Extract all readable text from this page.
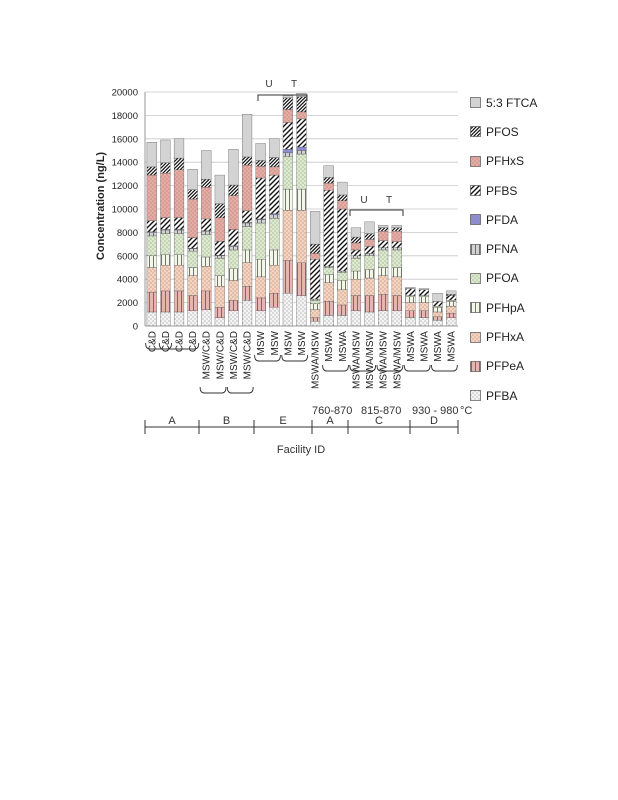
Concentration (ng/L)
0
2000
4000
6000
8000
10000
12000
14000
16000
18000
20000
C&D C&D C&D C&D MSW/C&D MSW/C&D MSW/C&D MSW/C&D MSW MSW MSW MSW MSWA/MSW MSWA MSWA MSWA/MSW MSWA/MSW MSWA/MSW MSWA/MSW MSWA MSWA MSWA MSWA
U T
U T
760-870 815-870 930 - 980 °C
A	B	E	A	C	D
Facility ID
5:3 FTCA
PFOS
PFHxS
PFBS
PFDA
PFNA
PFOA
PFHpA
PFHxA
PFPeA
PFBA
